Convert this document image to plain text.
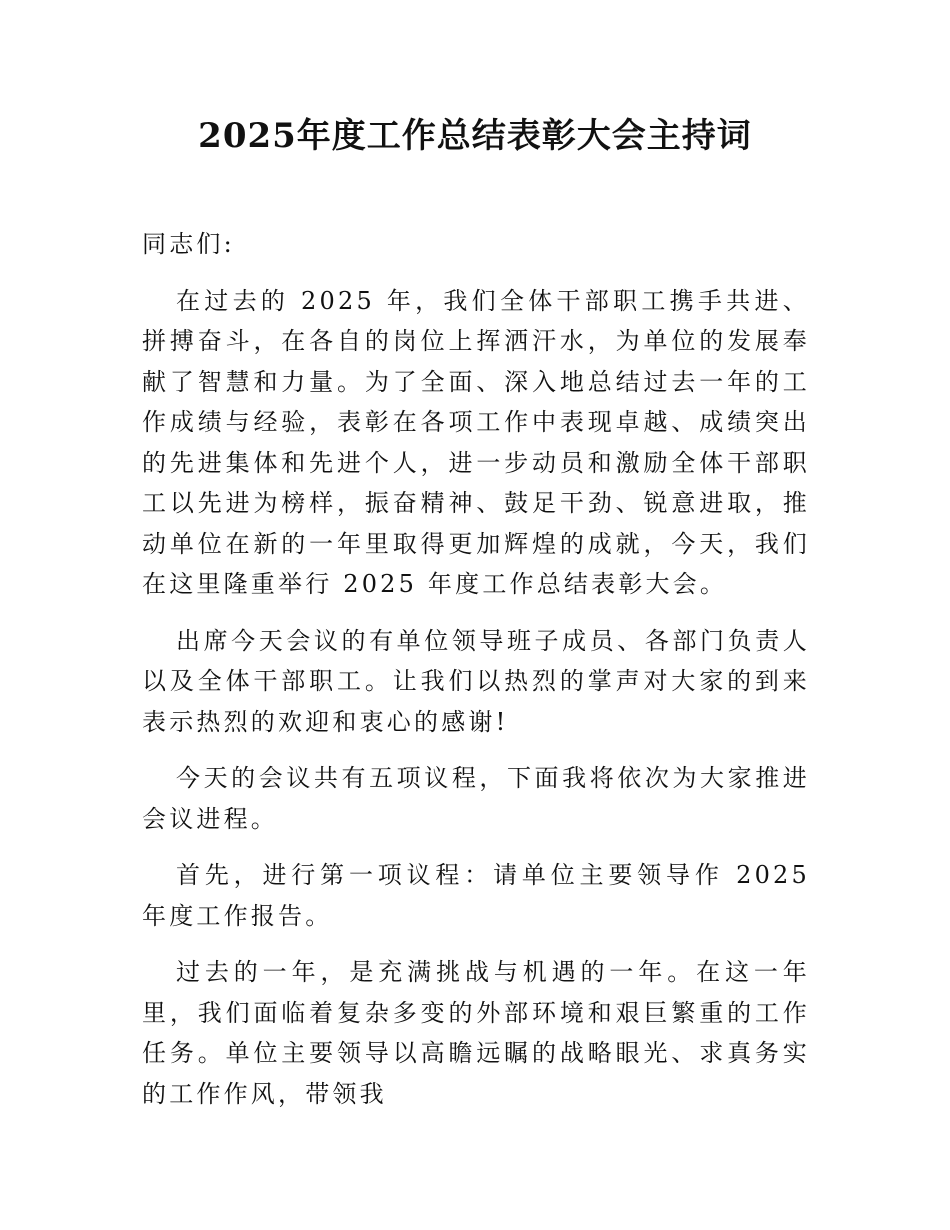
2025年度工作总结表彰大会主持词

同志们:

在过去的 2025 年，我们全体干部职工携手共进、拼搏奋斗，在各自的岗位上挥洒汗水，为单位的发展奉献了智慧和力量。为了全面、深入地总结过去一年的工作成绩与经验，表彰在各项工作中表现卓越、成绩突出的先进集体和先进个人，进一步动员和激励全体干部职工以先进为榜样，振奋精神、鼓足干劲、锐意进取，推动单位在新的一年里取得更加辉煌的成就，今天，我们在这里隆重举行 2025 年度工作总结表彰大会。

出席今天会议的有单位领导班子成员、各部门负责人以及全体干部职工。让我们以热烈的掌声对大家的到来表示热烈的欢迎和衷心的感谢!

今天的会议共有五项议程，下面我将依次为大家推进会议进程。

首先，进行第一项议程：请单位主要领导作 2025 年度工作报告。

过去的一年，是充满挑战与机遇的一年。在这一年里，我们面临着复杂多变的外部环境和艰巨繁重的工作任务。单位主要领导以高瞻远瞩的战略眼光、求真务实的工作作风，带领我
